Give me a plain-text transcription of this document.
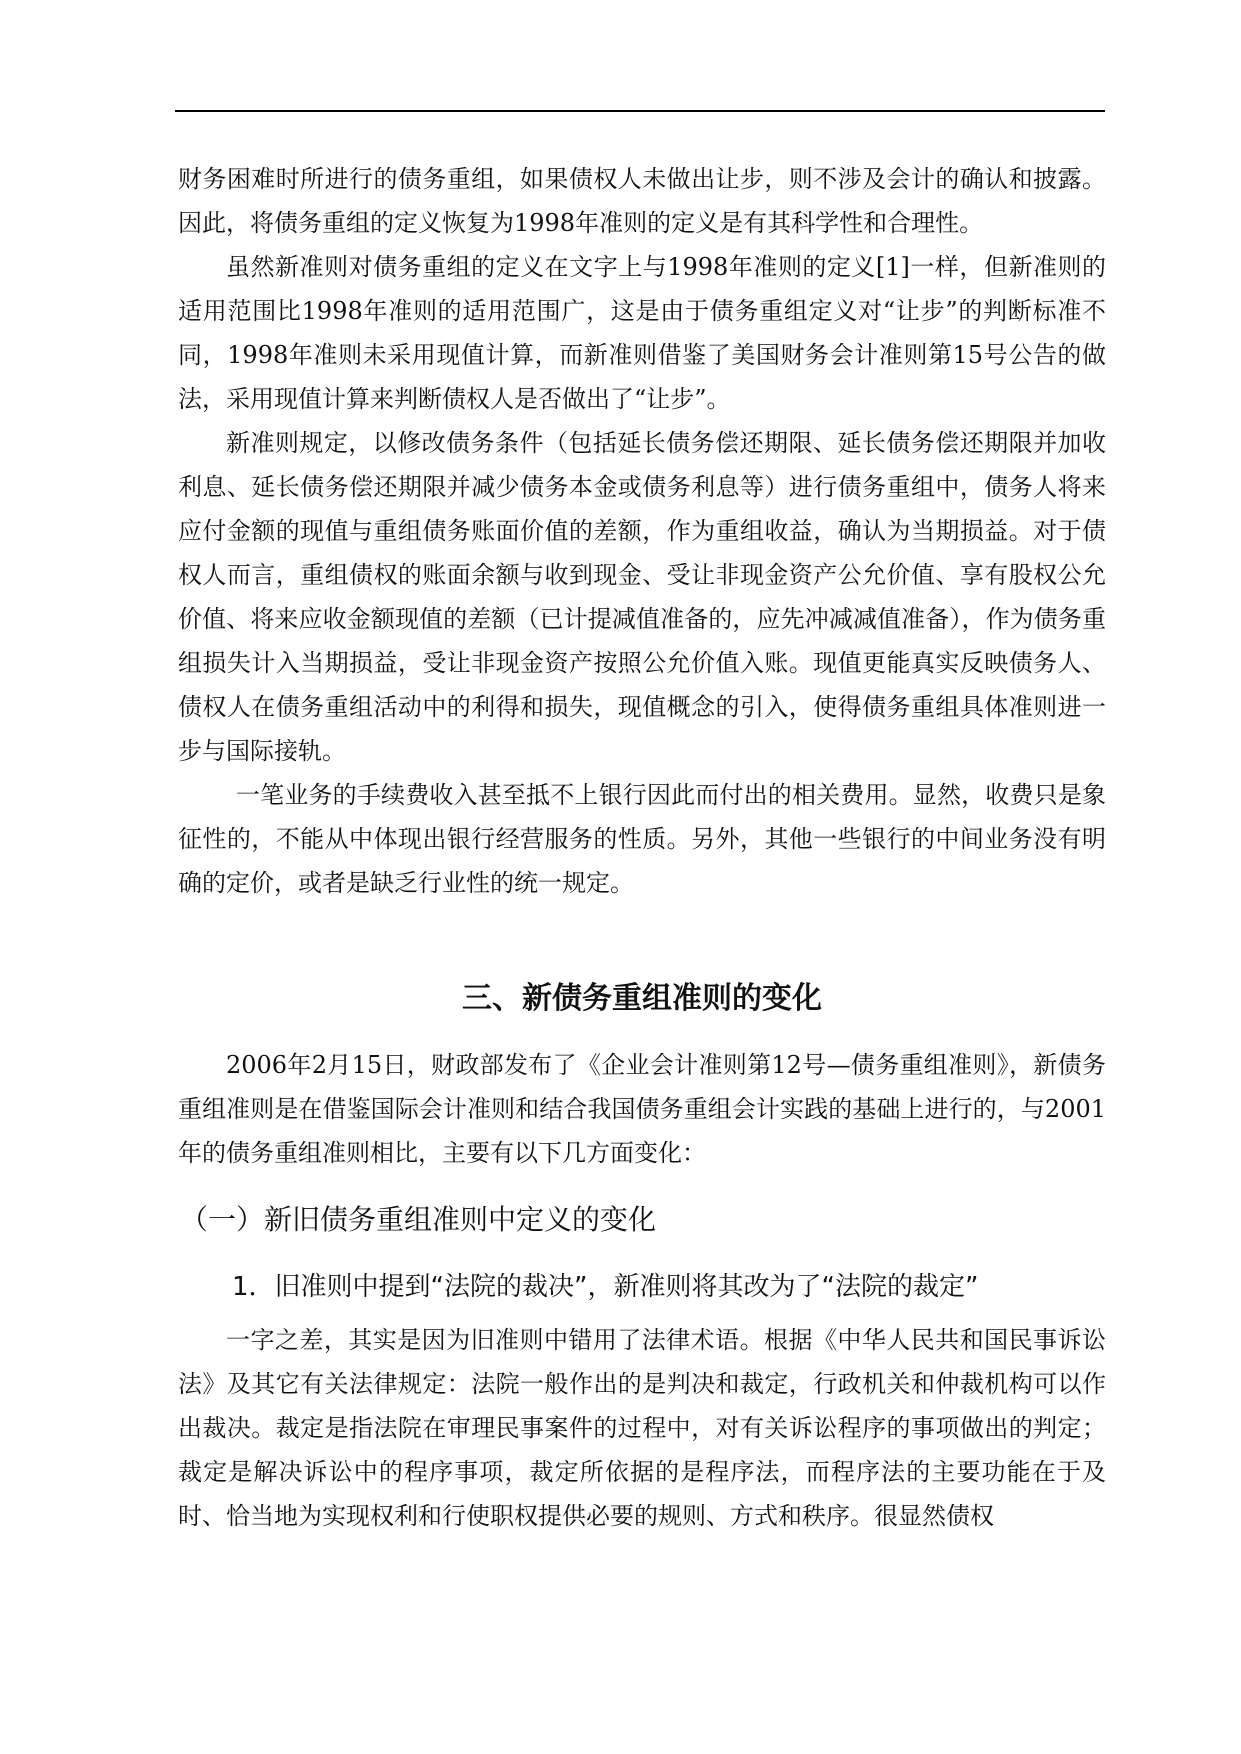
财务困难时所进行的债务重组，如果债权人未做出让步，则不涉及会计的确认和披露。因此，将债务重组的定义恢复为1998年准则的定义是有其科学性和合理性。

虽然新准则对债务重组的定义在文字上与1998年准则的定义[1]一样，但新准则的适用范围比1998年准则的适用范围广，这是由于债务重组定义对“让步”的判断标准不同，1998年准则未采用现值计算，而新准则借鉴了美国财务会计准则第15号公告的做法，采用现值计算来判断债权人是否做出了“让步”。

新准则规定，以修改债务条件（包括延长债务偿还期限、延长债务偿还期限并加收利息、延长债务偿还期限并减少债务本金或债务利息等）进行债务重组中，债务人将来应付金额的现值与重组债务账面价值的差额，作为重组收益，确认为当期损益。对于债权人而言，重组债权的账面余额与收到现金、受让非现金资产公允价值、享有股权公允价值、将来应收金额现值的差额（已计提减值准备的，应先冲减减值准备），作为债务重组损失计入当期损益，受让非现金资产按照公允价值入账。现值更能真实反映债务人、债权人在债务重组活动中的利得和损失，现值概念的引入，使得债务重组具体准则进一步与国际接轨。

一笔业务的手续费收入甚至抵不上银行因此而付出的相关费用。显然，收费只是象征性的，不能从中体现出银行经营服务的性质。另外，其他一些银行的中间业务没有明确的定价，或者是缺乏行业性的统一规定。

三、新债务重组准则的变化

2006年2月15日，财政部发布了《企业会计准则第12号—债务重组准则》，新债务重组准则是在借鉴国际会计准则和结合我国债务重组会计实践的基础上进行的，与2001年的债务重组准则相比，主要有以下几方面变化：

（一）新旧债务重组准则中定义的变化
1．旧准则中提到“法院的裁决”，新准则将其改为了“法院的裁定”

一字之差，其实是因为旧准则中错用了法律术语。根据《中华人民共和国民事诉讼法》及其它有关法律规定：法院一般作出的是判决和裁定，行政机关和仲裁机构可以作出裁决。裁定是指法院在审理民事案件的过程中，对有关诉讼程序的事项做出的判定；裁定是解决诉讼中的程序事项，裁定所依据的是程序法，而程序法的主要功能在于及时、恰当地为实现权利和行使职权提供必要的规则、方式和秩序。很显然债权
